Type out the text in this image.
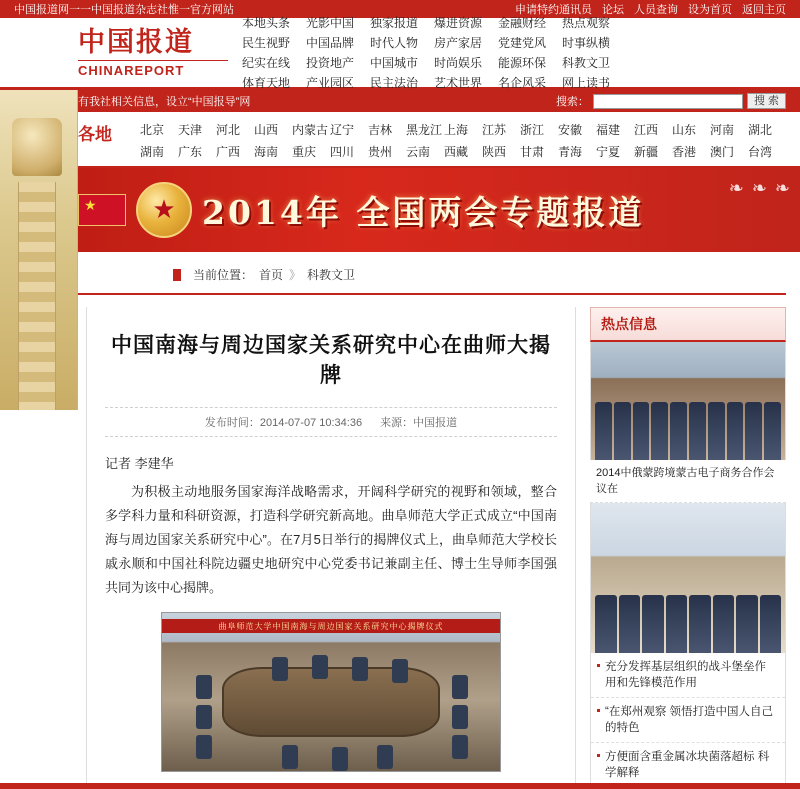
中国报道网一一中国报道杂志社惟一官方网站	申请特约通讯员 论坛 人员查询 设为首页 返回主页
中国报道
CHINAREPORT
本地头条	光影中国	独家报道	爆进资源	金融财经	热点观察
民生视野	中国品牌	时代人物	房产家居	党建党风	时事纵横
纪实在线	投资地产	中国城市	时尚娱乐	能源环保	科教文卫
体育天地	产业园区	民主法治	艺术世界	名企风采	网上读书
有我社相关信息，设立“中国报导”网	搜索：	搜 索
各地	北京	天津	河北	山西	内蒙古 辽宁	吉林	黑龙江 上海	江苏	浙江	安徽	福建	江西	山东	河南	湖北
湖南	广东	广西	海南	重庆	四川	贵州	云南	西藏	陕西	甘肃	青海	宁夏	新疆	香港	澳门	台湾
★
★
2014年 全国两会专题报道
❧ ❧ ❧
当前位置： 首页 》 科教文卫
中国南海与周边国家关系研究中心在曲师大揭牌
发布时间：2014-07-07 10:34:36 来源：中国报道
记者 李建华

为积极主动地服务国家海洋战略需求，开阔科学研究的视野和领域，整合多学科力量和科研资源，打造科学研究新高地。曲阜师范大学正式成立“中国南海与周边国家关系研究中心”。在7月5日举行的揭牌仪式上，曲阜师范大学校长戚永顺和中国社科院边疆史地研究中心党委书记兼副主任、博士生导师李国强共同为该中心揭牌。

曲阜师范大学中国南海与周边国家关系研究中心揭牌仪式
热点信息
2014中俄蒙跨境蒙古电子商务合作会议在
充分发挥基层组织的战斗堡垒作用和先锋模范作用
“在郑州观察 领悟打造中国人自己的特色
方便面含重金属冰块菌落超标 科学解释
